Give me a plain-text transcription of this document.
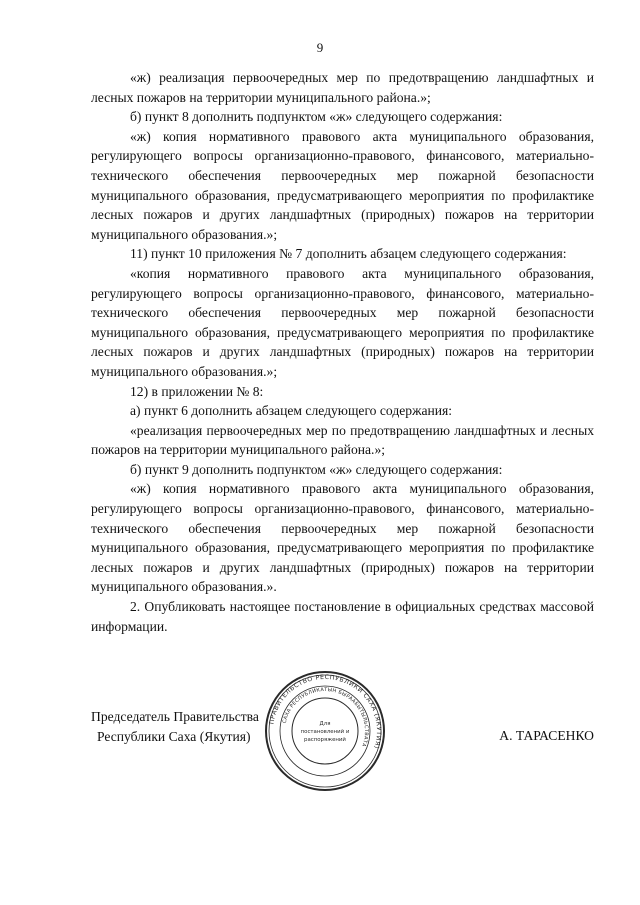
9

«ж) реализация первоочередных мер по предотвращению ландшафтных и лесных пожаров на территории муниципального района.»;

б) пункт 8 дополнить подпунктом «ж» следующего содержания:

«ж) копия нормативного правового акта муниципального образования, регулирующего вопросы организационно-правового, финансового, материально-технического обеспечения первоочередных мер пожарной безопасности муниципального образования, предусматривающего мероприятия по профилактике лесных пожаров и других ландшафтных (природных) пожаров на территории муниципального образования.»;

11) пункт 10 приложения № 7 дополнить абзацем следующего содержания:

«копия нормативного правового акта муниципального образования, регулирующего вопросы организационно-правового, финансового, материально-технического обеспечения первоочередных мер пожарной безопасности муниципального образования, предусматривающего мероприятия по профилактике лесных пожаров и других ландшафтных (природных) пожаров на территории муниципального образования.»;

12) в приложении № 8:

а) пункт 6 дополнить абзацем следующего содержания:

«реализация первоочередных мер по предотвращению ландшафтных и лесных пожаров на территории муниципального района.»;

б) пункт 9 дополнить подпунктом «ж» следующего содержания:

«ж) копия нормативного правового акта муниципального образования, регулирующего вопросы организационно-правового, финансового, материально-технического обеспечения первоочередных мер пожарной безопасности муниципального образования, предусматривающего мероприятия по профилактике лесных пожаров и других ландшафтных (природных) пожаров на территории муниципального образования.».

2. Опубликовать настоящее постановление в официальных средствах массовой информации.

Председатель Правительства
Республики Саха (Якутия)	А. ТАРАСЕНКО
ПРАВИТЕЛЬСТВО РЕСПУБЛИКИ САХА (ЯКУТИЯ)
САХА РЕСПУБЛИКАТЫН БЫРААБЫТЫЛЬСТВАТА
Для
постановлений и
распоряжений
